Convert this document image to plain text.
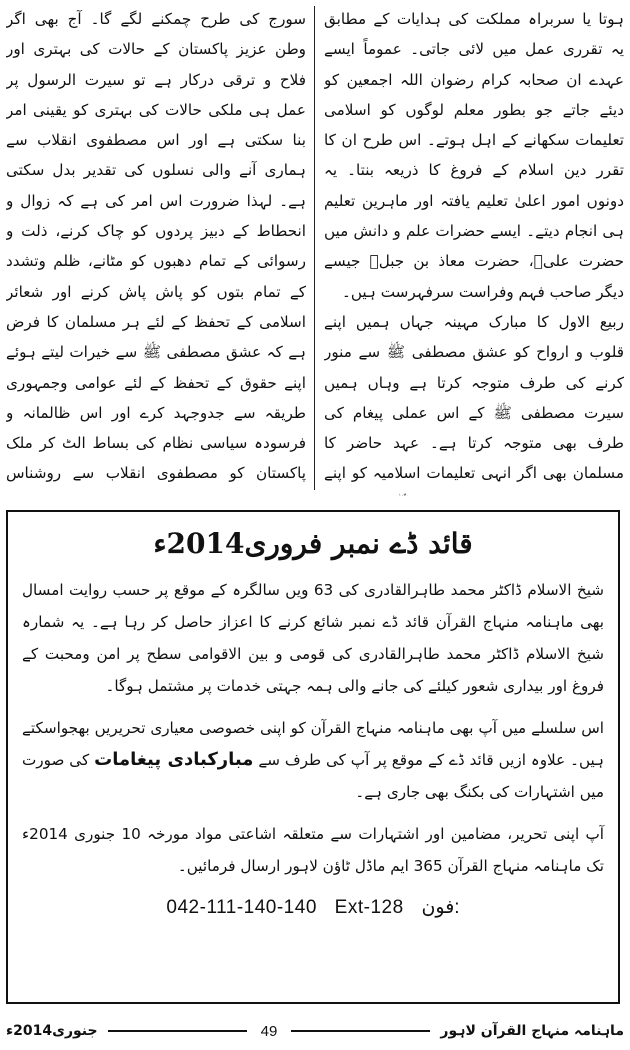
ہوتا یا سربراہ مملکت کی ہدایات کے مطابق یہ تقرری عمل میں لائی جاتی۔ عموماً ایسے عہدے ان صحابہ کرام رضوان اللہ اجمعین کو دیئے جاتے جو بطور معلم لوگوں کو اسلامی تعلیمات سکھانے کے اہل ہوتے۔ اس طرح ان کا تقرر دین اسلام کے فروغ کا ذریعہ بنتا۔ یہ دونوں امور اعلیٰ تعلیم یافتہ اور ماہرین تعلیم ہی انجام دیتے۔ ایسے حضرات علم و دانش میں حضرت علیؓ، حضرت معاذ بن جبلؓ جیسے دیگر صاحب فہم وفراست سرفہرست ہیں۔

ربیع الاول کا مبارک مہینہ جہاں ہمیں اپنے قلوب و ارواح کو عشق مصطفی ﷺ سے منور کرنے کی طرف متوجہ کرتا ہے وہاں ہمیں سیرت مصطفی ﷺ کے اس عملی پیغام کی طرف بھی متوجہ کرتا ہے۔ عہد حاضر کا مسلمان بھی اگر انہی تعلیمات اسلامیہ کو اپنے

سورج کی طرح چمکنے لگے گا۔ آج بھی اگر وطن عزیز پاکستان کے حالات کی بہتری اور فلاح و ترقی درکار ہے تو سیرت الرسول پر عمل ہی ملکی حالات کی بہتری کو یقینی امر بنا سکتی ہے اور اس مصطفوی انقلاب سے ہماری آنے والی نسلوں کی تقدیر بدل سکتی ہے۔ لہذا ضرورت اس امر کی ہے کہ زوال و انحطاط کے دبیز پردوں کو چاک کرنے، ذلت و رسوائی کے تمام دھبوں کو مٹانے، ظلم وتشدد کے تمام بتوں کو پاش پاش کرنے اور شعائر اسلامی کے تحفظ کے لئے ہر مسلمان کا فرض ہے کہ عشق مصطفی ﷺ سے خیرات لیتے ہوئے اپنے حقوق کے تحفظ کے لئے عوامی وجمہوری طریقہ سے جدوجہد کرے اور اس ظالمانہ و فرسودہ سیاسی نظام کی بساط الٹ کر ملک پاکستان کو مصطفوی انقلاب سے روشناس

قائد ڈے نمبر فروری2014ء

شیخ الاسلام ڈاکٹر محمد طاہرالقادری کی 63 ویں سالگرہ کے موقع پر حسب روایت امسال بھی ماہنامہ منہاج القرآن قائد ڈے نمبر شائع کرنے کا اعزاز حاصل کر رہا ہے۔ یہ شمارہ شیخ الاسلام ڈاکٹر محمد طاہرالقادری کی قومی و بین الاقوامی سطح پر امن ومحبت کے فروغ اور بیداری شعور کیلئے کی جانے والی ہمہ جہتی خدمات پر مشتمل ہوگا۔

اس سلسلے میں آپ بھی ماہنامہ منہاج القرآن کو اپنی خصوصی معیاری تحریریں بھجواسکتے ہیں۔ علاوہ ازیں قائد ڈے کے موقع پر آپ کی طرف سے مبارکبادی پیغامات کی صورت میں اشتہارات کی بکنگ بھی جاری ہے۔

آپ اپنی تحریر، مضامین اور اشتہارات سے متعلقہ اشاعتی مواد مورخہ 10 جنوری 2014ء تک ماہنامہ منہاج القرآن 365 ایم ماڈل ٹاؤن لاہور ارسال فرمائیں۔

042-111-140-140 Ext-128 فون:
ماہنامہ منہاج القرآن لاہور
49
جنوری2014ء
